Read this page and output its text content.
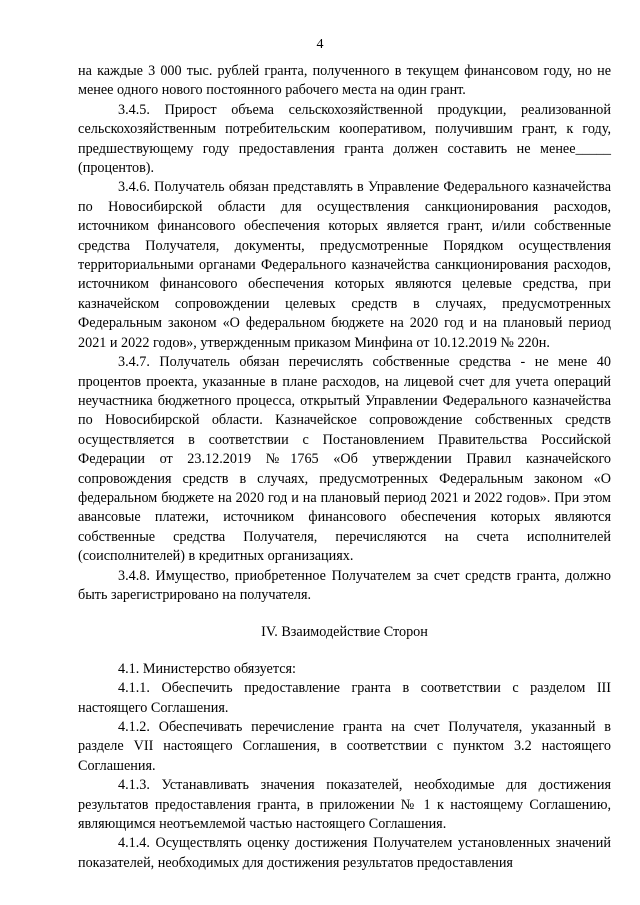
4

на каждые 3 000 тыс. рублей гранта, полученного в текущем финансовом году, но не менее одного нового постоянного рабочего места на один грант.

3.4.5. Прирост объема сельскохозяйственной продукции, реализованной сельскохозяйственным потребительским кооперативом, получившим грант, к году, предшествующему году предоставления гранта должен составить не менее_____ (процентов).

3.4.6. Получатель обязан представлять в Управление Федерального казначейства по Новосибирской области для осуществления санкционирования расходов, источником финансового обеспечения которых является грант, и/или собственные средства Получателя, документы, предусмотренные Порядком осуществления территориальными органами Федерального казначейства санкционирования расходов, источником финансового обеспечения которых являются целевые средства, при казначейском сопровождении целевых средств в случаях, предусмотренных Федеральным законом «О федеральном бюджете на 2020 год и на плановый период 2021 и 2022 годов», утвержденным приказом Минфина от 10.12.2019 № 220н.

3.4.7. Получатель обязан перечислять собственные средства - не мене 40 процентов проекта, указанные в плане расходов, на лицевой счет для учета операций неучастника бюджетного процесса, открытый Управлении Федерального казначейства по Новосибирской области. Казначейское сопровождение собственных средств осуществляется в соответствии с Постановлением Правительства Российской Федерации от 23.12.2019 №1765 «Об утверждении Правил казначейского сопровождения средств в случаях, предусмотренных Федеральным законом «О федеральном бюджете на 2020 год и на плановый период 2021 и 2022 годов». При этом авансовые платежи, источником финансового обеспечения которых являются собственные средства Получателя, перечисляются на счета исполнителей (соисполнителей) в кредитных организациях.

3.4.8. Имущество, приобретенное Получателем за счет средств гранта, должно быть зарегистрировано на получателя.

IV. Взаимодействие Сторон

4.1. Министерство обязуется:

4.1.1. Обеспечить предоставление гранта в соответствии с разделом III настоящего Соглашения.

4.1.2. Обеспечивать перечисление гранта на счет Получателя, указанный в разделе VII настоящего Соглашения, в соответствии с пунктом 3.2 настоящего Соглашения.

4.1.3. Устанавливать значения показателей, необходимые для достижения результатов предоставления гранта, в приложении № 1 к настоящему Соглашению, являющимся неотъемлемой частью настоящего Соглашения.

4.1.4. Осуществлять оценку достижения Получателем установленных значений показателей, необходимых для достижения результатов предоставления
